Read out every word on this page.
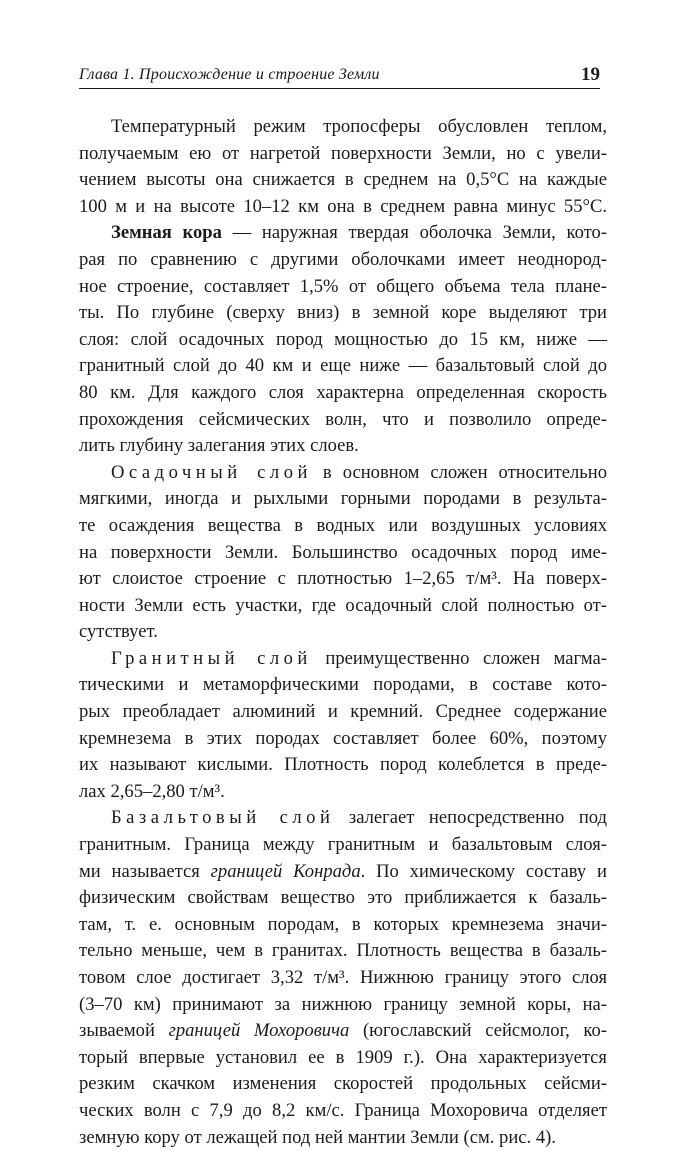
Глава 1. Происхождение и строение Земли	19
Температурный режим тропосферы обусловлен теплом,
получаемым ею от нагретой поверхности Земли, но с увели-
чением высоты она снижается в среднем на 0,5°С на каждые
100 м и на высоте 10–12 км она в среднем равна минус 55°С.
Земная кора — наружная твердая оболочка Земли, кото-
рая по сравнению с другими оболочками имеет неоднород-
ное строение, составляет 1,5% от общего объема тела плане-
ты. По глубине (сверху вниз) в земной коре выделяют три
слоя: слой осадочных пород мощностью до 15 км, ниже —
гранитный слой до 40 км и еще ниже — базальтовый слой до
80 км. Для каждого слоя характерна определенная скорость
прохождения сейсмических волн, что и позволило опреде-
лить глубину залегания этих слоев.
Осадочный слой в основном сложен относительно
мягкими, иногда и рыхлыми горными породами в результа-
те осаждения вещества в водных или воздушных условиях
на поверхности Земли. Большинство осадочных пород име-
ют слоистое строение с плотностью 1–2,65 т/м³. На поверх-
ности Земли есть участки, где осадочный слой полностью от-
сутствует.
Гранитный слой преимущественно сложен магма-
тическими и метаморфическими породами, в составе кото-
рых преобладает алюминий и кремний. Среднее содержание
кремнезема в этих породах составляет более 60%, поэтому
их называют кислыми. Плотность пород колеблется в преде-
лах 2,65–2,80 т/м³.
Базальтовый слой залегает непосредственно под
гранитным. Граница между гранитным и базальтовым слоя-
ми называется границей Конрада. По химическому составу и
физическим свойствам вещество это приближается к базаль-
там, т. е. основным породам, в которых кремнезема значи-
тельно меньше, чем в гранитах. Плотность вещества в базаль-
товом слое достигает 3,32 т/м³. Нижнюю границу этого слоя
(3–70 км) принимают за нижнюю границу земной коры, на-
зываемой границей Мохоровича (югославский сейсмолог, ко-
торый впервые установил ее в 1909 г.). Она характеризуется
резким скачком изменения скоростей продольных сейсми-
ческих волн с 7,9 до 8,2 км/с. Граница Мохоровича отделяет
земную кору от лежащей под ней мантии Земли (см. рис. 4).
